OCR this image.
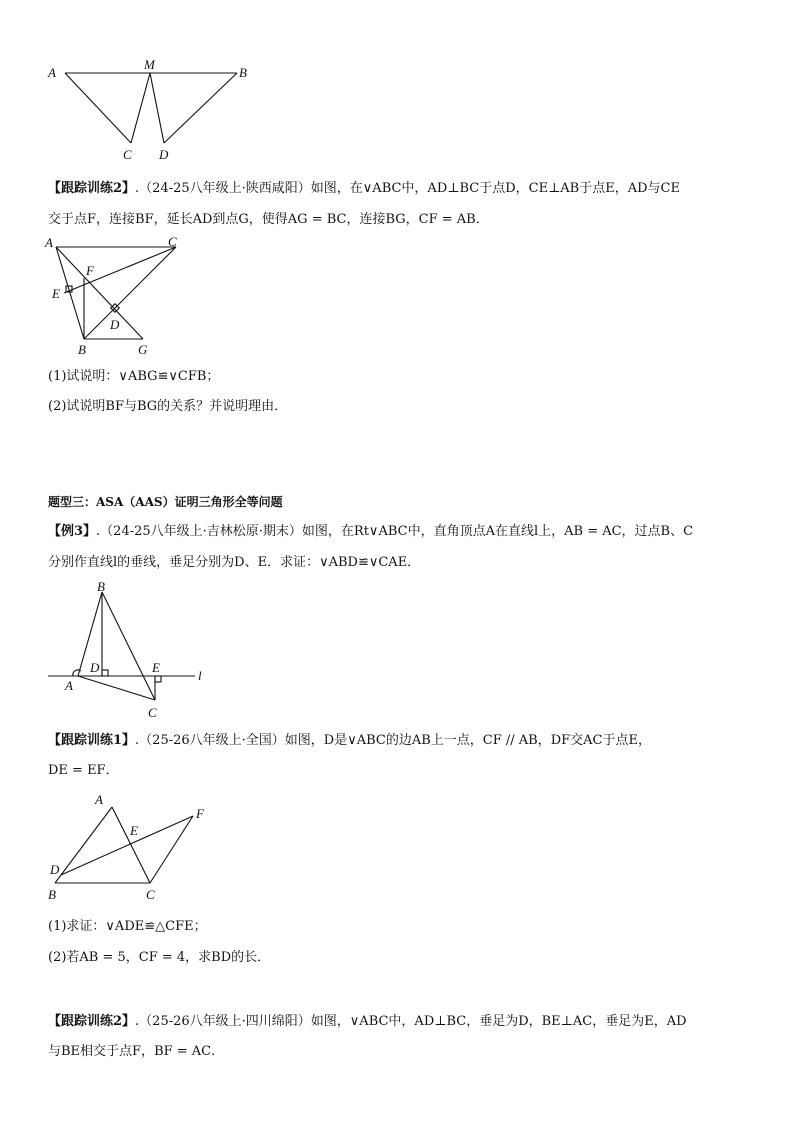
A
M
B
C D
【跟踪训练2】.（24-25八年级上·陕西咸阳）如图，在∨ABC中，AD⊥BC于点D，CE⊥AB于点E，AD与CE
交于点F，连接BF，延长AD到点G，使得AG = BC，连接BG，CF = AB．
A	C
F
E
D
B	G
(1)试说明：∨ABG≌∨CFB；
(2)试说明BF与BG的关系？并说明理由．
题型三：ASA（AAS）证明三角形全等问题
【例3】.（24-25八年级上·吉林松原·期末）如图，在Rt∨ABC中，直角顶点A在直线l上，AB = AC，过点B、C
分别作直线l的垂线，垂足分别为D、E．求证：∨ABD≌∨CAE．
B
D	E
l
A
C
【跟踪训练1】.（25-26八年级上·全国）如图，D是∨ABC的边AB上一点，CF // AB，DF交AC于点E，
DE = EF．
A
E
F
D
B	C
(1)求证：∨ADE≌△CFE；
(2)若AB = 5，CF = 4，求BD的长．
【跟踪训练2】.（25-26八年级上·四川绵阳）如图，∨ABC中，AD⊥BC，垂足为D，BE⊥AC，垂足为E，AD
与BE相交于点F，BF = AC．
